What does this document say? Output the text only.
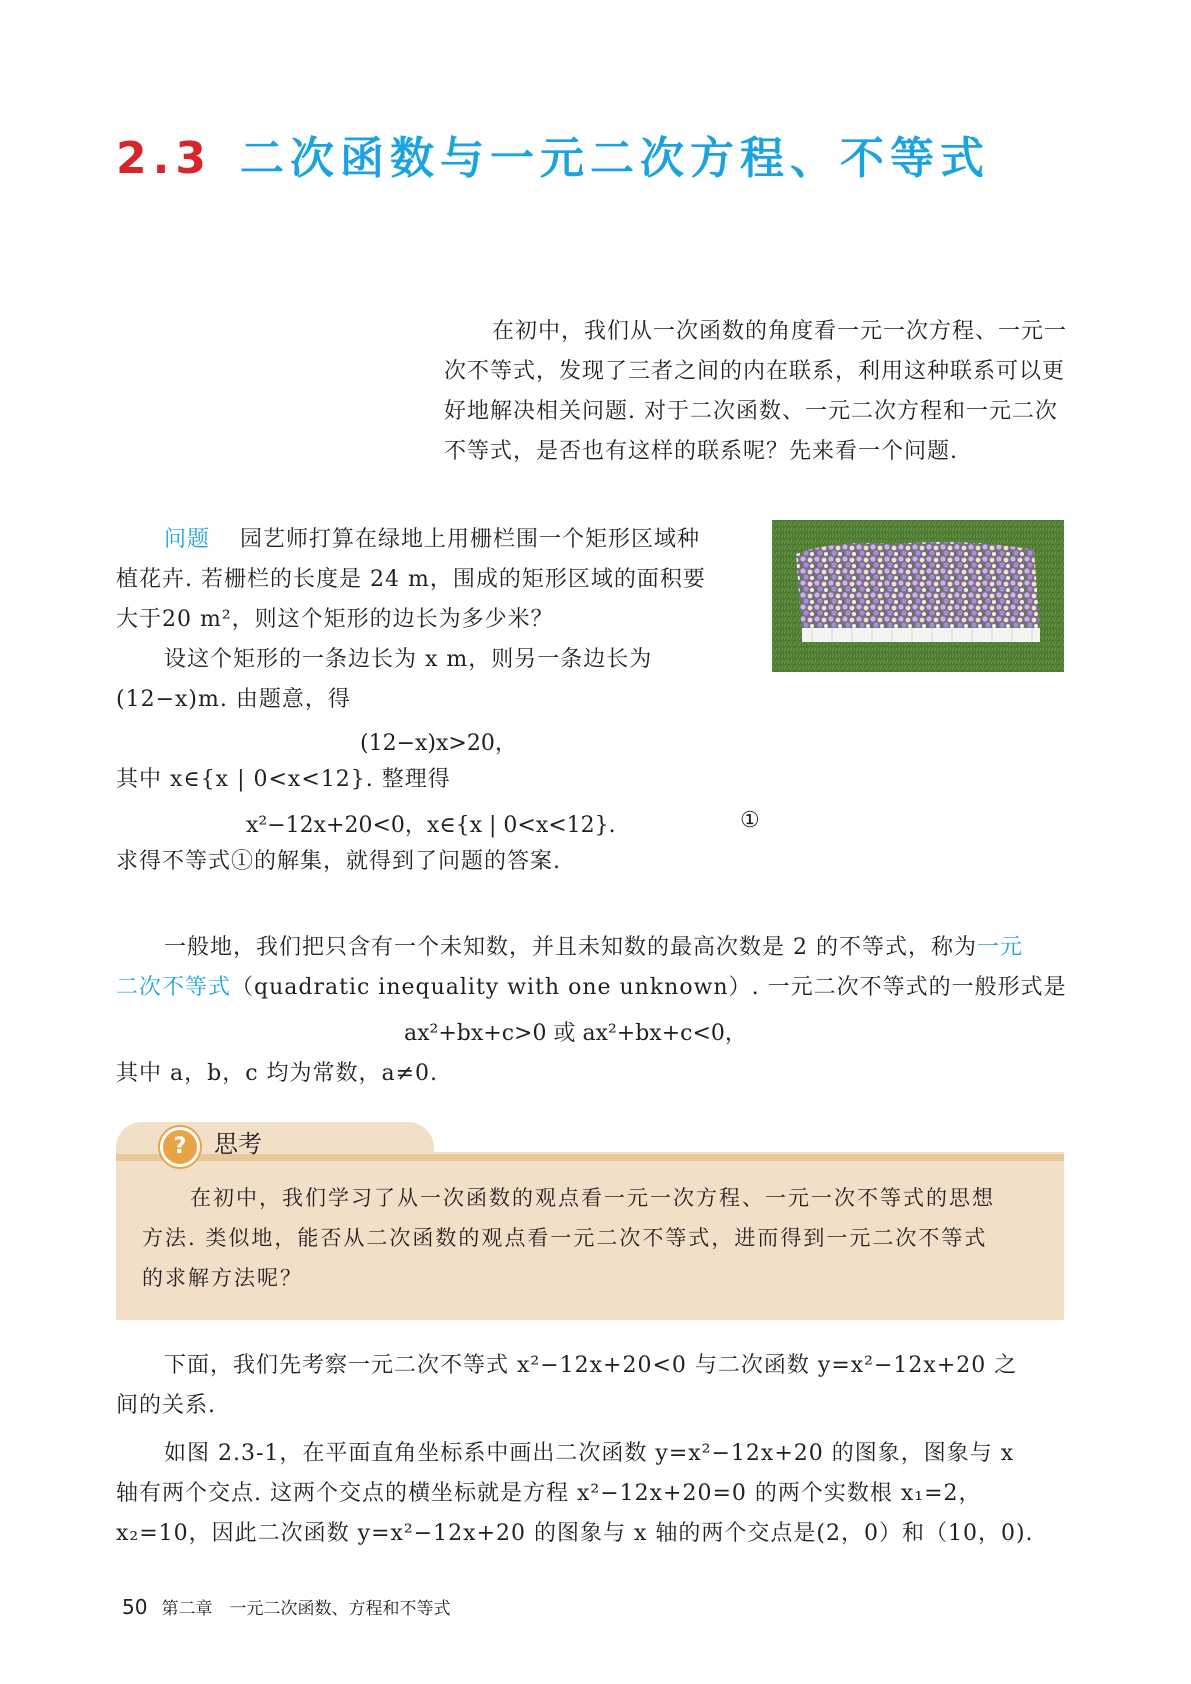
2.3 二次函数与一元二次方程、不等式
在初中，我们从一次函数的角度看一元一次方程、一元一
次不等式，发现了三者之间的内在联系，利用这种联系可以更
好地解决相关问题. 对于二次函数、一元二次方程和一元二次
不等式，是否也有这样的联系呢？先来看一个问题.
问题 园艺师打算在绿地上用栅栏围一个矩形区域种
植花卉. 若栅栏的长度是 24 m，围成的矩形区域的面积要
大于20 m²，则这个矩形的边长为多少米？
设这个矩形的一条边长为 x m，则另一条边长为
(12−x)m. 由题意，得
(12−x)x>20，
其中 x∈{x | 0<x<12}. 整理得
x²−12x+20<0，x∈{x | 0<x<12}.	①
求得不等式①的解集，就得到了问题的答案.
一般地，我们把只含有一个未知数，并且未知数的最高次数是 2 的不等式，称为一元
二次不等式（quadratic inequality with one unknown）. 一元二次不等式的一般形式是
ax²+bx+c>0 或 ax²+bx+c<0，
其中 a，b，c 均为常数，a≠0.
?	思考
在初中，我们学习了从一次函数的观点看一元一次方程、一元一次不等式的思想
方法. 类似地，能否从二次函数的观点看一元二次不等式，进而得到一元二次不等式
的求解方法呢？
下面，我们先考察一元二次不等式 x²−12x+20<0 与二次函数 y=x²−12x+20 之
间的关系.
如图 2.3-1，在平面直角坐标系中画出二次函数 y=x²−12x+20 的图象，图象与 x
轴有两个交点. 这两个交点的横坐标就是方程 x²−12x+20=0 的两个实数根 x₁=2，
x₂=10，因此二次函数 y=x²−12x+20 的图象与 x 轴的两个交点是(2，0）和（10，0).
50 第二章　一元二次函数、方程和不等式
